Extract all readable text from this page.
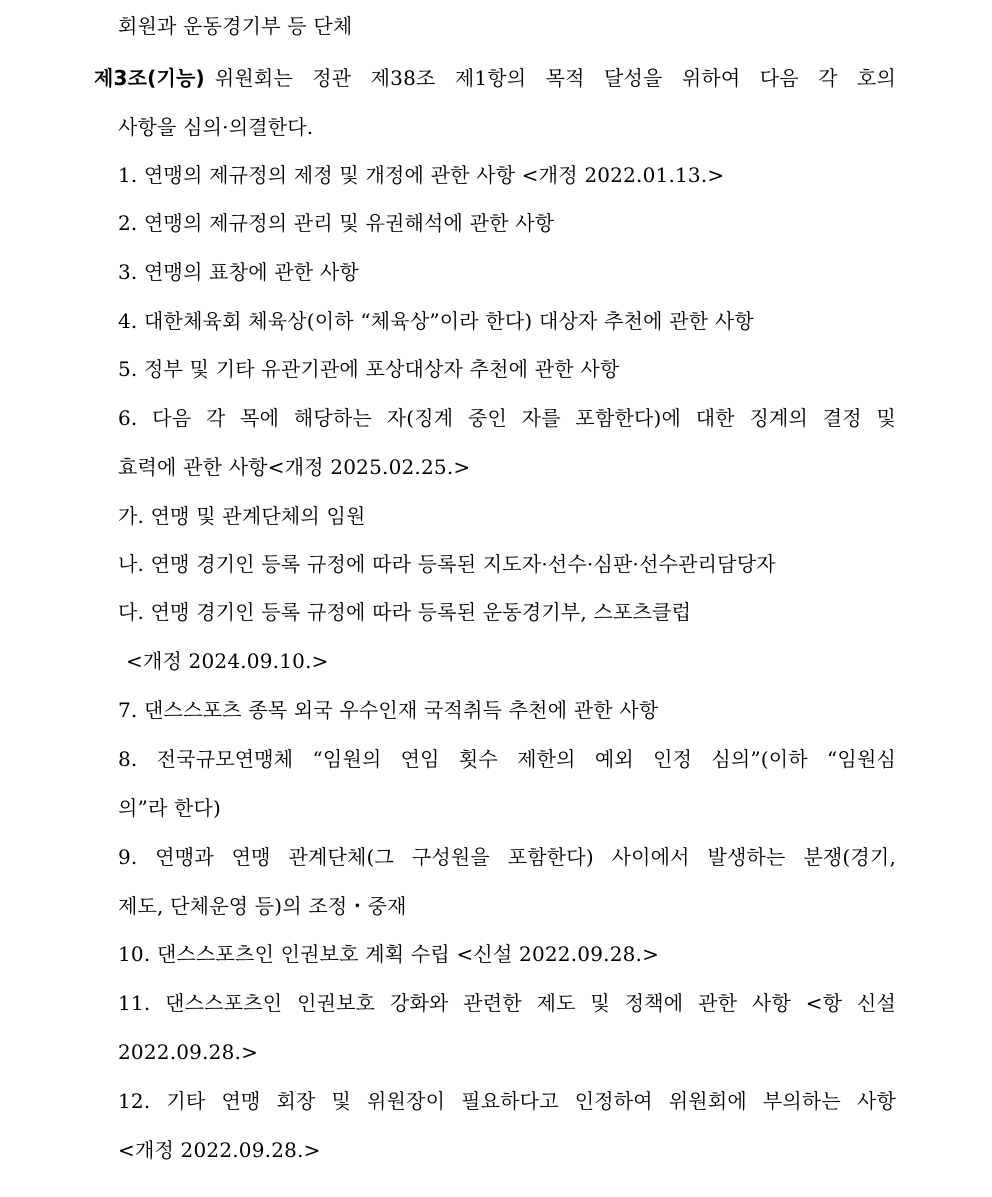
회원과 운동경기부 등 단체
제3조(기능) 위원회는 정관 제38조 제1항의 목적 달성을 위하여 다음 각 호의
사항을 심의·의결한다.
1. 연맹의 제규정의 제정 및 개정에 관한 사항 <개정 2022.01.13.>
2. 연맹의 제규정의 관리 및 유권해석에 관한 사항
3. 연맹의 표창에 관한 사항
4. 대한체육회 체육상(이하 “체육상”이라 한다) 대상자 추천에 관한 사항
5. 정부 및 기타 유관기관에 포상대상자 추천에 관한 사항
6. 다음 각 목에 해당하는 자(징계 중인 자를 포함한다)에 대한 징계의 결정 및
효력에 관한 사항<개정 2025.02.25.>
가. 연맹 및 관계단체의 임원
나. 연맹 경기인 등록 규정에 따라 등록된 지도자·선수·심판·선수관리담당자
다. 연맹 경기인 등록 규정에 따라 등록된 운동경기부, 스포츠클럽
<개정 2024.09.10.>
7. 댄스스포츠 종목 외국 우수인재 국적취득 추천에 관한 사항
8. 전국규모연맹체 “임원의 연임 횟수 제한의 예외 인정 심의”(이하 “임원심
의”라 한다)
9. 연맹과 연맹 관계단체(그 구성원을 포함한다) 사이에서 발생하는 분쟁(경기,
제도, 단체운영 등)의 조정・중재
10. 댄스스포츠인 인권보호 계획 수립 <신설 2022.09.28.>
11. 댄스스포츠인 인권보호 강화와 관련한 제도 및 정책에 관한 사항 <항 신설
2022.09.28.>
12. 기타 연맹 회장 및 위원장이 필요하다고 인정하여 위원회에 부의하는 사항
<개정 2022.09.28.>
